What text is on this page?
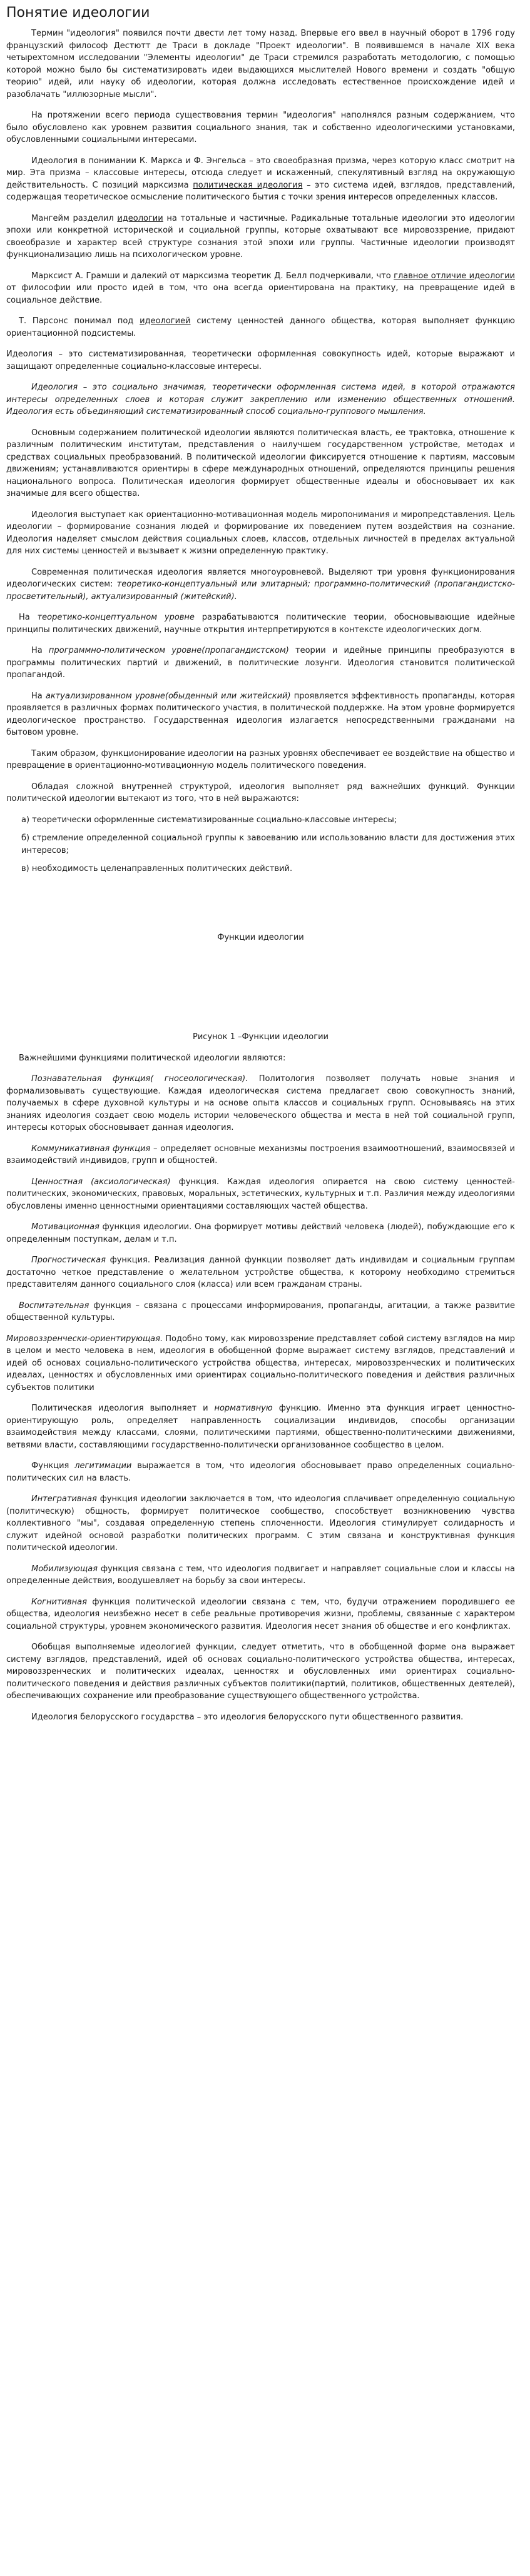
Понятие идеологии

Термин "идеология" появился почти двести лет тому назад. Впервые его ввел в научный оборот в 1796 году французский философ Дестютт де Траси в докладе "Проект идеологии". В появившемся в начале XIX века четырехтомном исследовании "Элементы идеологии" де Траси стремился разработать методологию, с помощью которой можно было бы систематизировать идеи выдающихся мыслителей Нового времени и создать "общую теорию" идей, или науку об идеологии, которая должна исследовать естественное происхождение идей и разоблачать "иллюзорные мысли".

На протяжении всего периода существования термин "идеология" наполнялся разным содержанием, что было обусловлено как уровнем развития социального знания, так и собственно идеологическими установками, обусловленными социальными интересами.

Идеология в понимании К. Маркса и Ф. Энгельса – это своеобразная призма, через которую класс смотрит на мир. Эта призма – классовые интересы, отсюда следует и искаженный, спекулятивный взгляд на окружающую действительность. С позиций марксизма политическая идеология – это система идей, взглядов, представлений, содержащая теоретическое осмысление политического бытия с точки зрения интересов определенных классов.

Мангейм разделил идеологии на тотальные и частичные. Радикальные тотальные идеологии это идеологии эпохи или конкретной исторической и социальной группы, которые охватывают все мировоззрение, придают своеобразие и характер всей структуре сознания этой эпохи или группы. Частичные идеологии производят функционализацию лишь на психологическом уровне.

Марксист А. Грамши и далекий от марксизма теоретик Д. Белл подчеркивали, что главное отличие идеологии от философии или просто идей в том, что она всегда ориентирована на практику, на превращение идей в социальное действие.

Т. Парсонс понимал под идеологией систему ценностей данного общества, которая выполняет функцию ориентационной подсистемы.

Идеология – это систематизированная, теоретически оформленная совокупность идей, которые выражают и защищают определенные социально-классовые интересы.

Идеология – это социально значимая, теоретически оформленная система идей, в которой отражаются интересы определенных слоев и которая служит закреплению или изменению общественных отношений. Идеология есть объединяющий систематизированный способ социально-группового мышления.

Основным содержанием политической идеологии являются политическая власть, ее трактовка, отношение к различным политическим институтам, представления о наилучшем государственном устройстве, методах и средствах социальных преобразований. В политической идеологии фиксируется отношение к партиям, массовым движениям; устанавливаются ориентиры в сфере международных отношений, определяются принципы решения национального вопроса. Политическая идеология формирует общественные идеалы и обосновывает их как значимые для всего общества.

Идеология выступает как ориентационно-мотивационная модель миропонимания и миропредставления. Цель идеологии – формирование сознания людей и формирование их поведением путем воздействия на сознание. Идеология наделяет смыслом действия социальных слоев, классов, отдельных личностей в пределах актуальной для них системы ценностей и вызывает к жизни определенную практику.

Современная политическая идеология является многоуровневой. Выделяют три уровня функционирования идеологических систем: теоретико-концептуальный или элитарный; программно-политический (пропагандистско-просветительный), актуализированный (житейский).

На теоретико-концептуальном уровне разрабатываются политические теории, обосновывающие идейные принципы политических движений, научные открытия интерпретируются в контексте идеологических догм.

На программно-политическом уровне(пропагандистском) теории и идейные принципы преобразуются в программы политических партий и движений, в политические лозунги. Идеология становится политической пропагандой.

На актуализированном уровне(обыденный или житейский) проявляется эффективность пропаганды, которая проявляется в различных формах политического участия, в политической поддержке. На этом уровне формируется идеологическое пространство. Государственная идеология излагается непосредственными гражданами на бытовом уровне.

Таким образом, функционирование идеологии на разных уровнях обеспечивает ее воздействие на общество и превращение в ориентационно-мотивационную модель политического поведения.

Обладая сложной внутренней структурой, идеология выполняет ряд важнейших функций. Функции политической идеологии вытекают из того, что в ней выражаются:

а) теоретически оформленные систематизированные социально-классовые интересы;

б) стремление определенной социальной группы к завоеванию или использованию власти для достижения этих интересов;

в) необходимость целенаправленных политических действий.

Функции идеологии

Рисунок 1 –Функции идеологии

Важнейшими функциями политической идеологии являются:

Познавательная функция( гносеологическая). Политология позволяет получать новые знания и формализовывать существующие. Каждая идеологическая система предлагает свою совокупность знаний, получаемых в сфере духовной культуры и на основе опыта классов и социальных групп. Основываясь на этих знаниях идеология создает свою модель истории человеческого общества и места в ней той социальной групп, интересы которых обосновывает данная идеология.

Коммуникативная функция – определяет основные механизмы построения взаимоотношений, взаимосвязей и взаимодействий индивидов, групп и общностей.

Ценностная (аксиологическая) функция. Каждая идеология опирается на свою систему ценностей- политических, экономических, правовых, моральных, эстетических, культурных и т.п. Различия между идеологиями обусловлены именно ценностными ориентациями составляющих частей общества.

Мотивационная функция идеологии. Она формирует мотивы действий человека (людей), побуждающие его к определенным поступкам, делам и т.п.

Прогностическая функция. Реализация данной функции позволяет дать индивидам и социальным группам достаточно четкое представление о желательном устройстве общества, к которому необходимо стремиться представителям данного социального слоя (класса) или всем гражданам страны.

Воспитательная функция – связана с процессами информирования, пропаганды, агитации, а также развитие общественной культуры.

Мировоззренчески-ориентирующая. Подобно тому, как мировоззрение представляет собой систему взглядов на мир в целом и место человека в нем, идеология в обобщенной форме выражает систему взглядов, представлений и идей об основах социально-политического устройства общества, интересах, мировоззренческих и политических идеалах, ценностях и обусловленных ими ориентирах социально-политического поведения и действия различных субъектов политики

Политическая идеология выполняет и нормативную функцию. Именно эта функция играет ценностно-ориентирующую роль, определяет направленность социализации индивидов, способы организации взаимодействия между классами, слоями, политическими партиями, общественно-политическими движениями, ветвями власти, составляющими государственно-политически организованное сообщество в целом.

Функция легитимации выражается в том, что идеология обосновывает право определенных социально-политических сил на власть.

Интегративная функция идеологии заключается в том, что идеология сплачивает определенную социальную (политическую) общность, формирует политическое сообщество, способствует возникновению чувства коллективного "мы", создавая определенную степень сплоченности. Идеология стимулирует солидарность и служит идейной основой разработки политических программ. С этим связана и конструктивная функция политической идеологии.

Мобилизующая функция связана с тем, что идеология подвигает и направляет социальные слои и классы на определенные действия, воодушевляет на борьбу за свои интересы.

Когнитивная функция политической идеологии связана с тем, что, будучи отражением породившего ее общества, идеология неизбежно несет в себе реальные противоречия жизни, проблемы, связанные с характером социальной структуры, уровнем экономического развития. Идеология несет знания об обществе и его конфликтах.

Обобщая выполняемые идеологией функции, следует отметить, что в обобщенной форме она выражает систему взглядов, представлений, идей об основах социально-политического устройства общества, интересах, мировоззренческих и политических идеалах, ценностях и обусловленных ими ориентирах социально-политического поведения и действия различных субъектов политики(партий, политиков, общественных деятелей), обеспечивающих сохранение или преобразование существующего общественного устройства.

Идеология белорусского государства – это идеология белорусского пути общественного развития.
